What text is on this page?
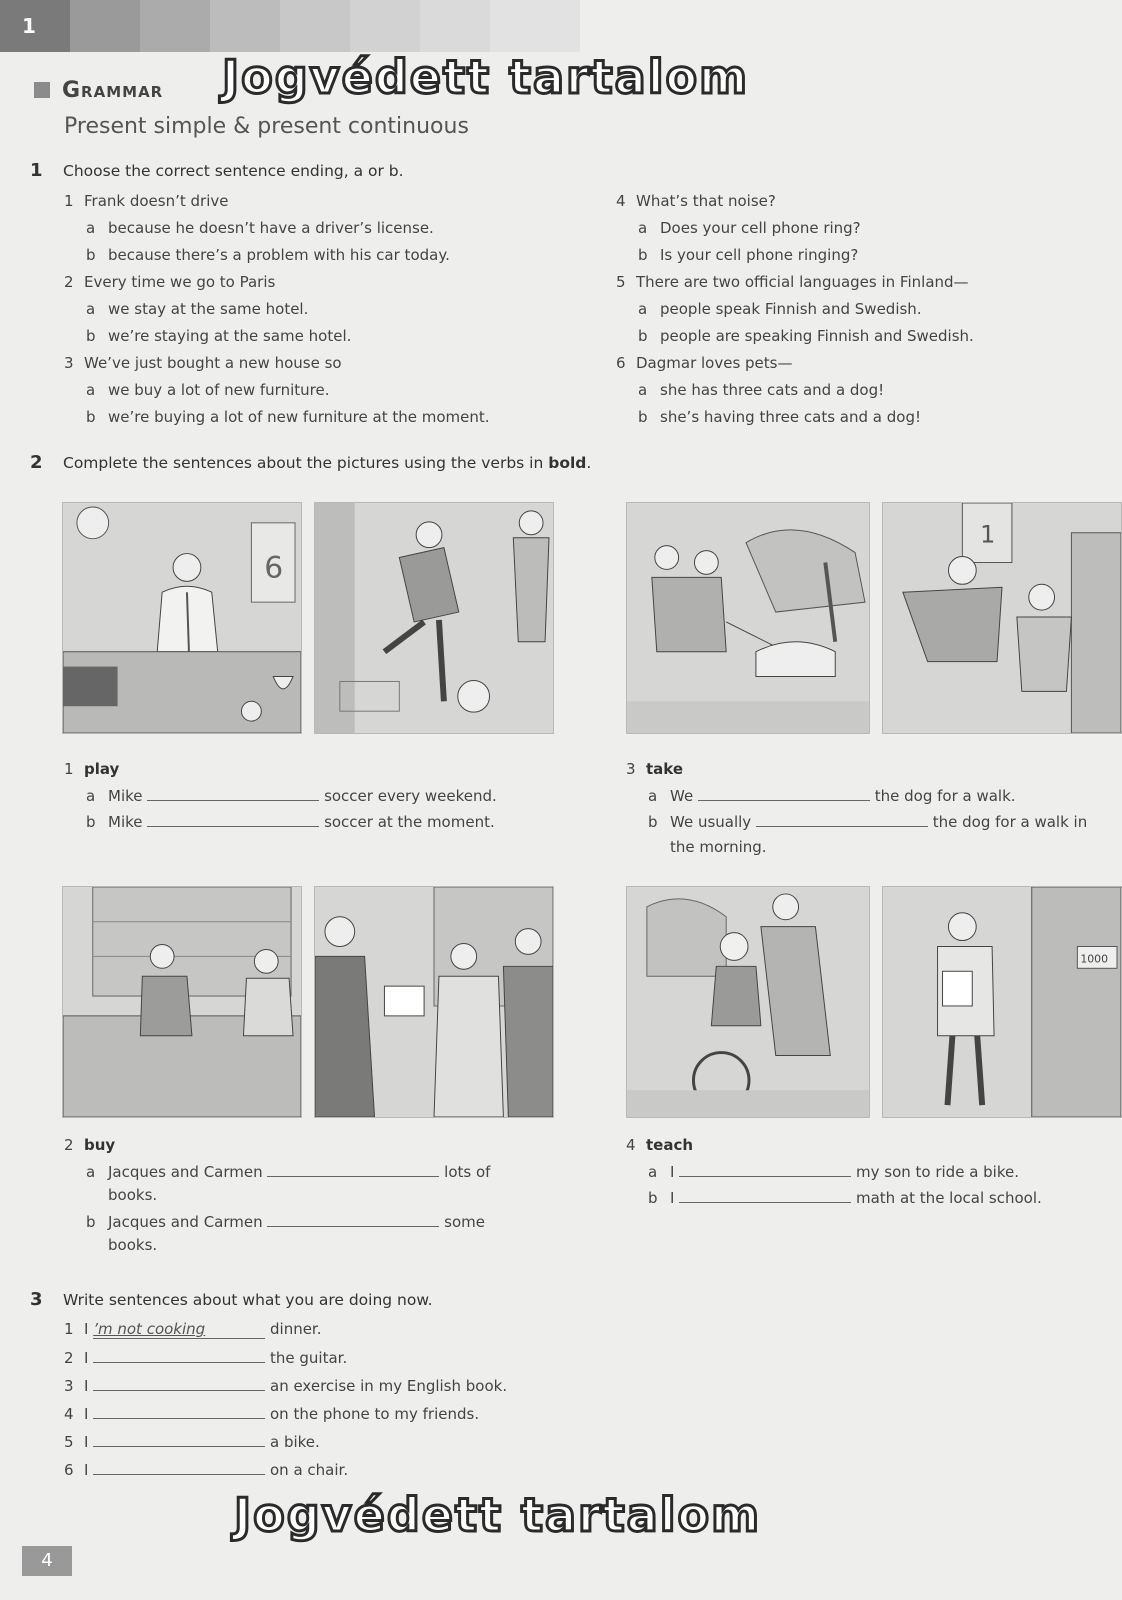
1

Grammar
Present simple & present continuous
Jogvédett tartalom
1 Choose the correct sentence ending, a or b.
1 Frank doesn’t drive
a because he doesn’t have a driver’s license.
b because there’s a problem with his car today.
2 Every time we go to Paris
a we stay at the same hotel.
b we’re staying at the same hotel.
3 We’ve just bought a new house so
a we buy a lot of new furniture.
b we’re buying a lot of new furniture at the moment.
4 What’s that noise?
a Does your cell phone ring?
b Is your cell phone ringing?
5 There are two official languages in Finland—
a people speak Finnish and Swedish.
b people are speaking Finnish and Swedish.
6 Dagmar loves pets—
a she has three cats and a dog!
b she’s having three cats and a dog!
2 Complete the sentences about the pictures using the verbs in bold.
6
1
1 play
a Mike	soccer every weekend.
b Mike	soccer at the moment.
3 take
a We	the dog for a walk.
b We usually	the dog for a walk in
the morning.
1000
2 buy
a Jacques and Carmen	lots of
books.
b Jacques and Carmen	some
books.
4 teach
a I	my son to ride a bike.
b I	math at the local school.
3 Write sentences about what you are doing now.
1 I ’m not cooking	dinner.
2 I	the guitar.
3 I	an exercise in my English book.
4 I	on the phone to my friends.
5 I	a bike.
6 I	on a chair.
Jogvédett tartalom
4
